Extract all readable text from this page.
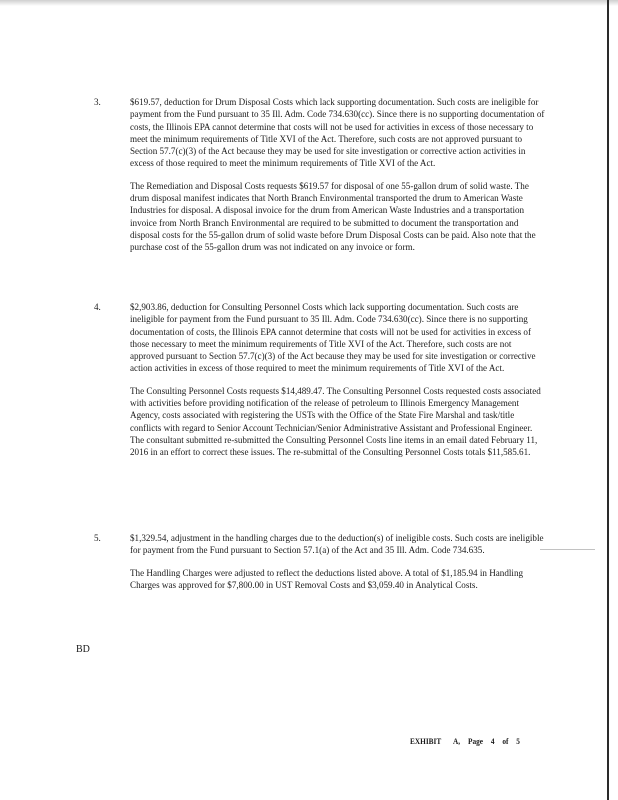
3.	$619.57, deduction for Drum Disposal Costs which lack supporting documentation. Such costs are ineligible for payment from the Fund pursuant to 35 Ill. Adm. Code 734.630(cc). Since there is no supporting documentation of costs, the Illinois EPA cannot determine that costs will not be used for activities in excess of those necessary to meet the minimum requirements of Title XVI of the Act. Therefore, such costs are not approved pursuant to Section 57.7(c)(3) of the Act because they may be used for site investigation or corrective action activities in excess of those required to meet the minimum requirements of Title XVI of the Act.

The Remediation and Disposal Costs requests $619.57 for disposal of one 55-gallon drum of solid waste. The drum disposal manifest indicates that North Branch Environmental transported the drum to American Waste Industries for disposal. A disposal invoice for the drum from American Waste Industries and a transportation invoice from North Branch Environmental are required to be submitted to document the transportation and disposal costs for the 55-gallon drum of solid waste before Drum Disposal Costs can be paid. Also note that the purchase cost of the 55-gallon drum was not indicated on any invoice or form.

4.	$2,903.86, deduction for Consulting Personnel Costs which lack supporting documentation. Such costs are ineligible for payment from the Fund pursuant to 35 Ill. Adm. Code 734.630(cc). Since there is no supporting documentation of costs, the Illinois EPA cannot determine that costs will not be used for activities in excess of those necessary to meet the minimum requirements of Title XVI of the Act. Therefore, such costs are not approved pursuant to Section 57.7(c)(3) of the Act because they may be used for site investigation or corrective action activities in excess of those required to meet the minimum requirements of Title XVI of the Act.

The Consulting Personnel Costs requests $14,489.47. The Consulting Personnel Costs requested costs associated with activities before providing notification of the release of petroleum to Illinois Emergency Management Agency, costs associated with registering the USTs with the Office of the State Fire Marshal and task/title conflicts with regard to Senior Account Technician/Senior Administrative Assistant and Professional Engineer. The consultant submitted re-submitted the Consulting Personnel Costs line items in an email dated February 11, 2016 in an effort to correct these issues. The re-submittal of the Consulting Personnel Costs totals $11,585.61.

5.	$1,329.54, adjustment in the handling charges due to the deduction(s) of ineligible costs. Such costs are ineligible for payment from the Fund pursuant to Section 57.1(a) of the Act and 35 Ill. Adm. Code 734.635.

The Handling Charges were adjusted to reflect the deductions listed above. A total of $1,185.94 in Handling Charges was approved for $7,800.00 in UST Removal Costs and $3,059.40 in Analytical Costs.

BD
EXHIBIT A, Page 4 of 5
